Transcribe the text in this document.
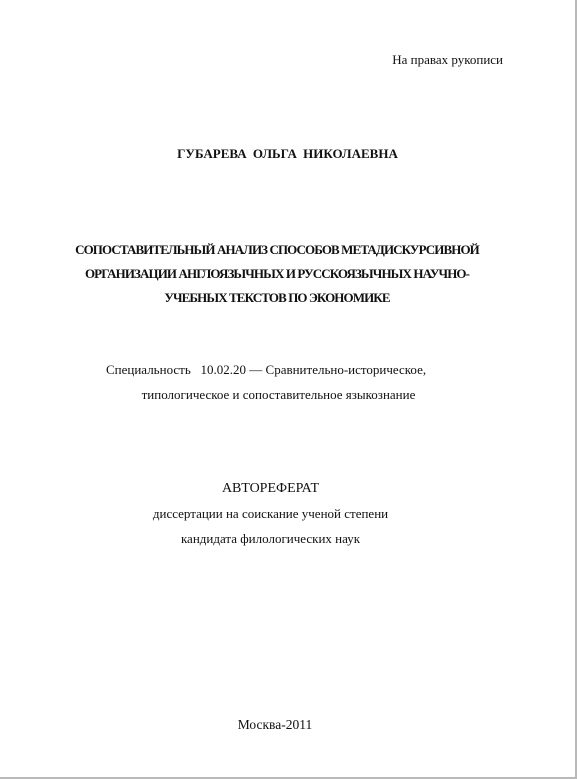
На правах рукописи
ГУБАРЕВА ОЛЬГА НИКОЛАЕВНА
СОПОСТАВИТЕЛЬНЫЙ АНАЛИЗ СПОСОБОВ МЕТАДИСКУРСИВНОЙ
ОРГАНИЗАЦИИ АНГЛОЯЗЫЧНЫХ И РУССКОЯЗЫЧНЫХ НАУЧНО-
УЧЕБНЫХ ТЕКСТОВ ПО ЭКОНОМИКЕ
Специальность   10.02.20 — Сравнительно-историческое,
типологическое и сопоставительное языкознание
АВТОРЕФЕРАТ
диссертации на соискание ученой степени
кандидата филологических наук
Москва-2011
